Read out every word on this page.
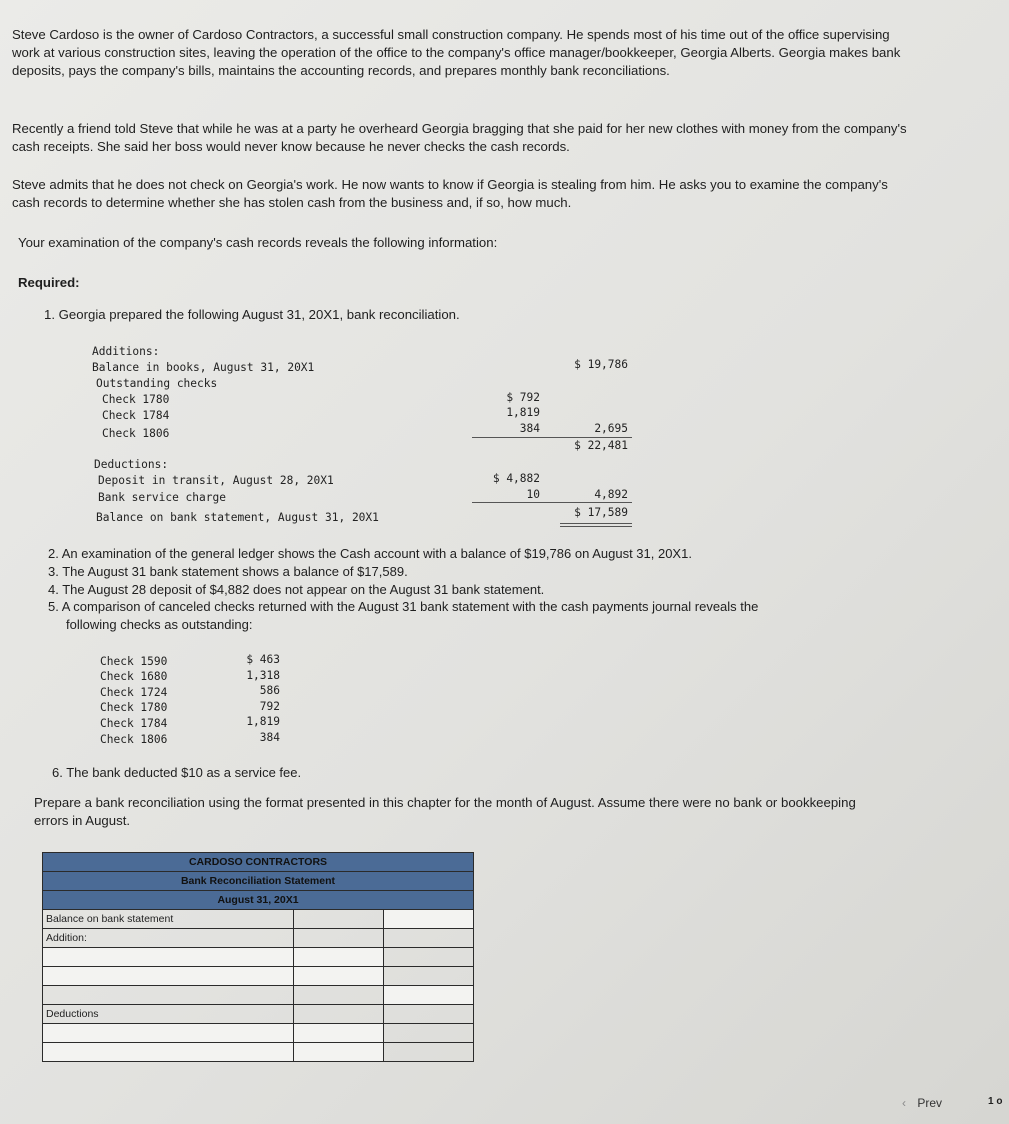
Steve Cardoso is the owner of Cardoso Contractors, a successful small construction company. He spends most of his time out of the office supervising work at various construction sites, leaving the operation of the office to the company's office manager/bookkeeper, Georgia Alberts. Georgia makes bank deposits, pays the company's bills, maintains the accounting records, and prepares monthly bank reconciliations.

Recently a friend told Steve that while he was at a party he overheard Georgia bragging that she paid for her new clothes with money from the company's cash receipts. She said her boss would never know because he never checks the cash records.

Steve admits that he does not check on Georgia's work. He now wants to know if Georgia is stealing from him. He asks you to examine the company's cash records to determine whether she has stolen cash from the business and, if so, how much.

Your examination of the company's cash records reveals the following information:

Required:

1. Georgia prepared the following August 31, 20X1, bank reconciliation.

Additions:
Balance in books, August 31, 20X1	$ 19,786
Outstanding checks
Check 1780	$ 792
Check 1784	1,819
Check 1806	384	2,695
$ 22,481
Deductions:
Deposit in transit, August 28, 20X1	$ 4,882
Bank service charge	10	4,892
Balance on bank statement, August 31, 20X1	$ 17,589
2. An examination of the general ledger shows the Cash account with a balance of $19,786 on August 31, 20X1.
3. The August 31 bank statement shows a balance of $17,589.
4. The August 28 deposit of $4,882 does not appear on the August 31 bank statement.
5. A comparison of canceled checks returned with the August 31 bank statement with the cash payments journal reveals the
following checks as outstanding:
Check 1590	$ 463
Check 1680	1,318
Check 1724	586
Check 1780	792
Check 1784	1,819
Check 1806	384
6. The bank deducted $10 as a service fee.

Prepare a bank reconciliation using the format presented in this chapter for the month of August. Assume there were no bank or bookkeeping errors in August.

CARDOSO CONTRACTORS		
Bank Reconciliation Statement		
August 31, 20X1		
Balance on bank statement		
Addition:		

Deductions		

‹ Prev	1 o
